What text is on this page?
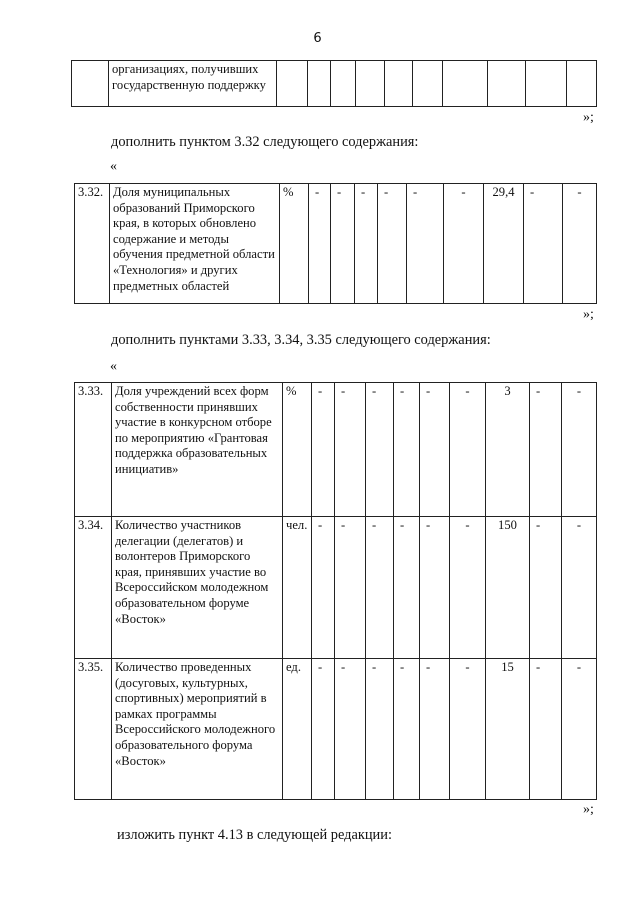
6
	организациях, получивших государственную поддержку										
»;
дополнить пунктом 3.32 следующего содержания:
«
3.32.	Доля муниципальных образований Приморского края, в которых обновлено содержание и методы обучения предметной области «Технология» и других предметных областей	%	-	-	-	-	-	-	29,4	-	-
»;
дополнить пунктами 3.33, 3.34, 3.35 следующего содержания:
«
3.33.	Доля учреждений всех форм собственности принявших участие в конкурсном отборе по мероприятию «Грантовая поддержка образовательных инициатив»	%	-	-	-	-	-	-	3	-	-
3.34.	Количество участников делегации (делегатов) и волонтеров Приморского края, принявших участие во Всероссийском молодежном образовательном форуме «Восток»	чел.	-	-	-	-	-	-	150	-	-
3.35.	Количество проведенных (досуговых, культурных, спортивных) мероприятий в рамках программы Всероссийского молодежного образовательного форума «Восток»	ед.	-	-	-	-	-	-	15	-	-
»;
изложить пункт 4.13 в следующей редакции:
